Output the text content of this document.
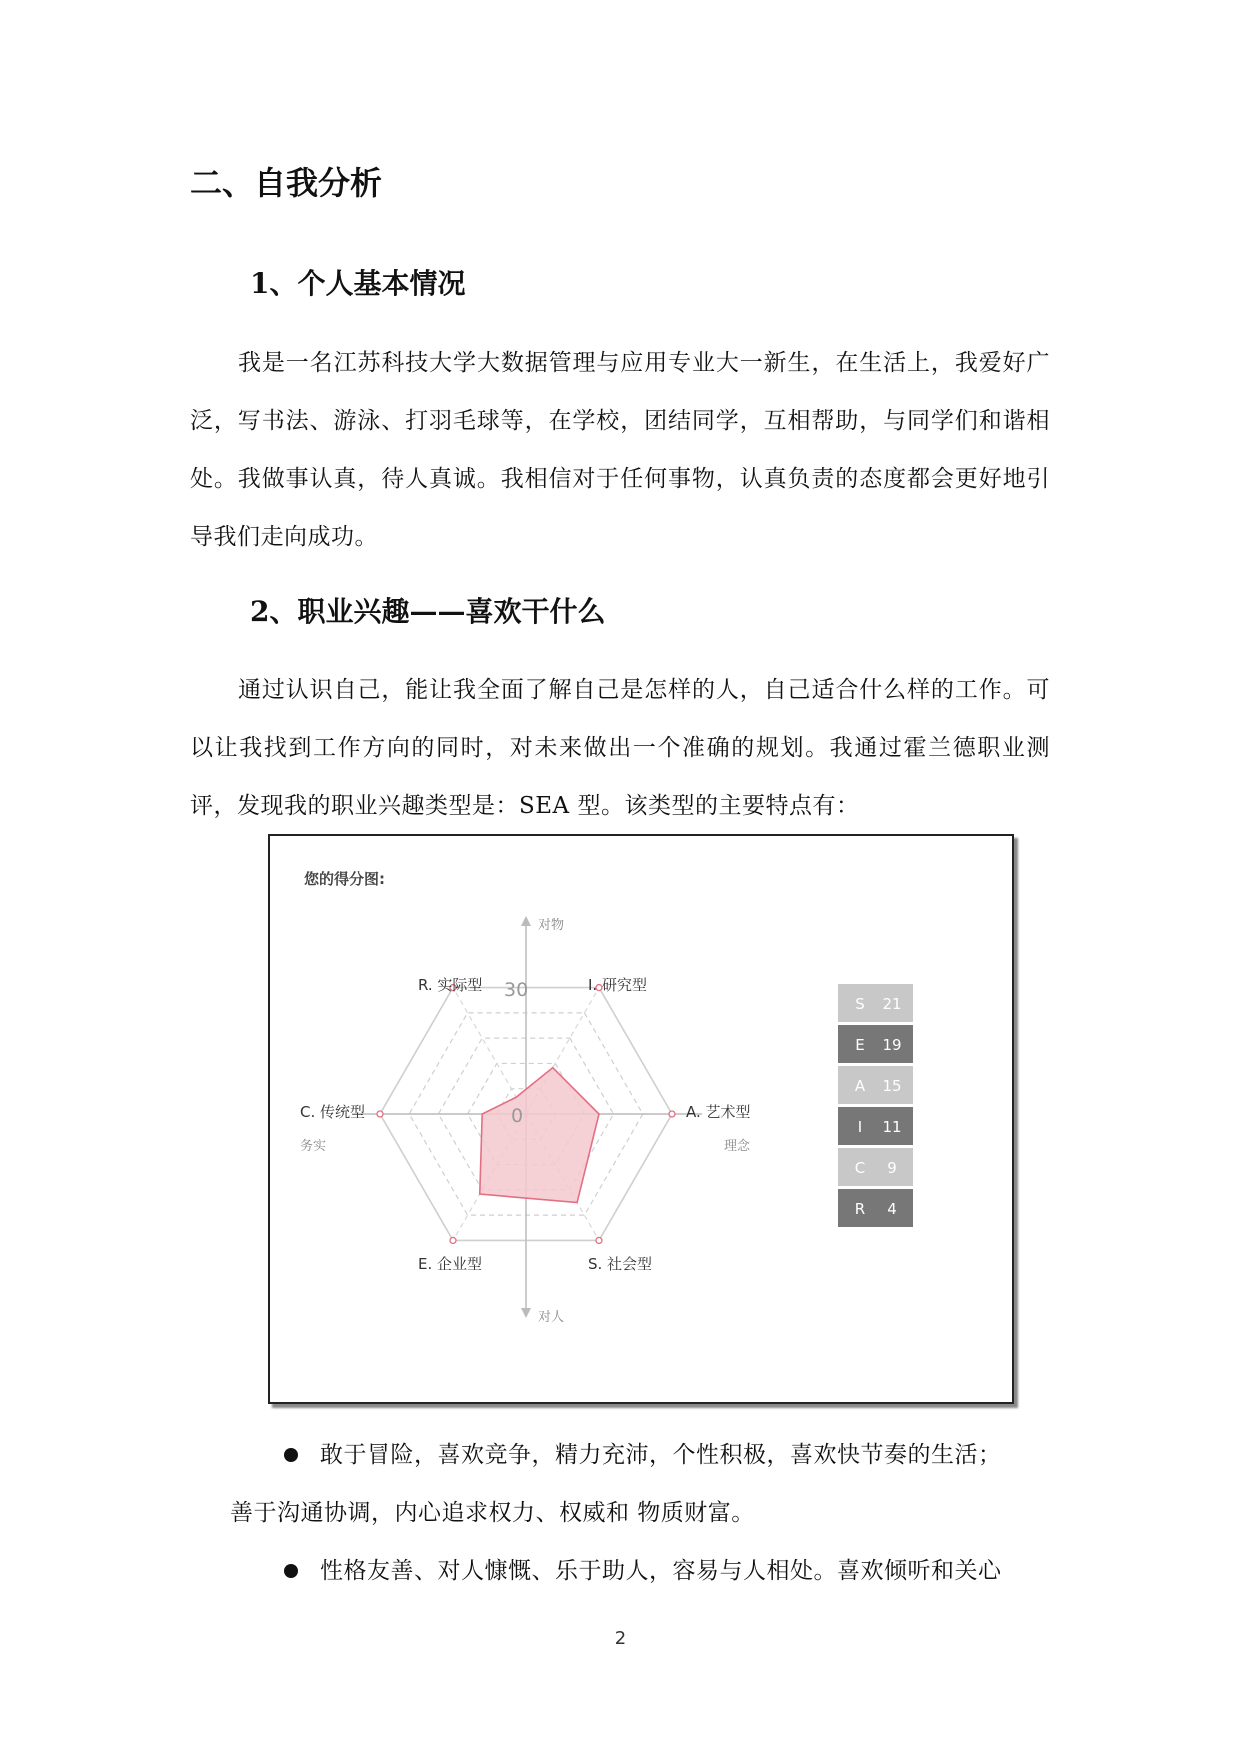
二、自我分析
1、个人基本情况

我是一名江苏科技大学大数据管理与应用专业大一新生，在生活上，我爱好广泛，写书法、游泳、打羽毛球等，在学校，团结同学，互相帮助，与同学们和谐相处。我做事认真，待人真诚。我相信对于任何事物，认真负责的态度都会更好地引导我们走向成功。

2、职业兴趣——喜欢干什么

通过认识自己，能让我全面了解自己是怎样的人，自己适合什么样的工作。可以让我找到工作方向的同时，对未来做出一个准确的规划。我通过霍兰德职业测评，发现我的职业兴趣类型是：SEA 型。该类型的主要特点有：

您的得分图:
对物
对人
务实	理念
30
0
I. 研究型
A. 艺术型
S. 社会型
E. 企业型
C. 传统型
R. 实际型
S 21
E 19
A 15
I 11
C 9
R 4

敢于冒险，喜欢竞争，精力充沛，个性积极，喜欢快节奏的生活；
善于沟通协调，内心追求权力、权威和 物质财富。

性格友善、对人慷慨、乐于助人，容易与人相处。喜欢倾听和关心

2
